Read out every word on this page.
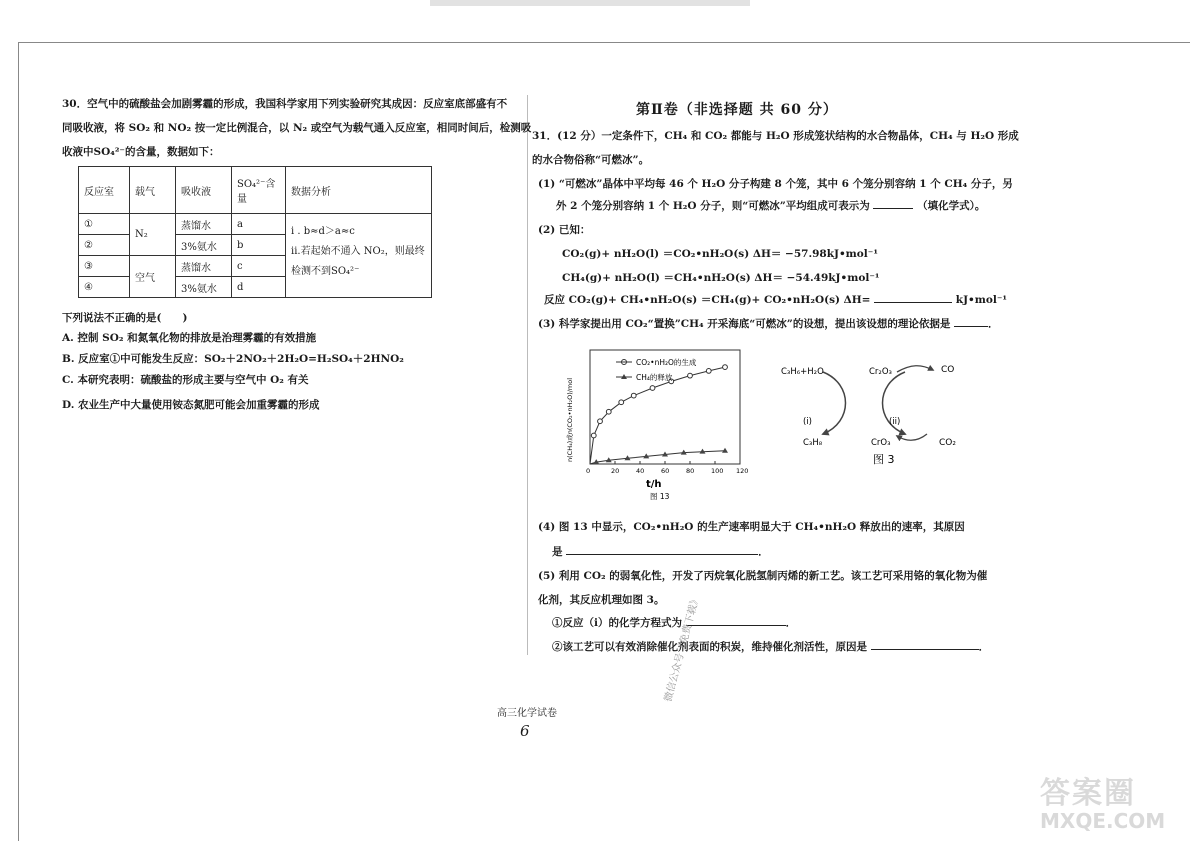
30．空气中的硫酸盐会加剧雾霾的形成，我国科学家用下列实验研究其成因：反应室底部盛有不
同吸收液，将 SO₂ 和 NO₂ 按一定比例混合，以 N₂ 或空气为载气通入反应室，相同时间后，检测吸
收液中SO₄²⁻的含量，数据如下：
反应室	载气	吸收液	SO₄²⁻含量	数据分析
①	N₂	蒸馏水	a	i . b≈d＞a≈c
ii.若起始不通入 NO₂，则最终
检测不到SO₄²⁻

②		3%氨水	b	
③	空气	蒸馏水	c	
④		3%氨水	d	
下列说法不正确的是(　　)
A. 控制 SO₂ 和氮氧化物的排放是治理雾霾的有效措施
B. 反应室①中可能发生反应：SO₂＋2NO₂＋2H₂O=H₂SO₄＋2HNO₂
C. 本研究表明：硫酸盐的形成主要与空气中 O₂ 有关
D. 农业生产中大量使用铵态氮肥可能会加重雾霾的形成
第Ⅱ卷（非选择题 共 60 分）
31．(12 分）一定条件下，CH₄ 和 CO₂ 都能与 H₂O 形成笼状结构的水合物晶体，CH₄ 与 H₂O 形成
的水合物俗称“可燃冰”。
(1) “可燃冰”晶体中平均每 46 个 H₂O 分子构建 8 个笼，其中 6 个笼分别容纳 1 个 CH₄ 分子，另
外 2 个笼分别容纳 1 个 H₂O 分子，则“可燃冰”平均组成可表示为	（填化学式）。
(2) 已知：
CO₂(g)+ nH₂O(l) ＝CO₂•nH₂O(s) ΔH＝ −57.98kJ•mol⁻¹
CH₄(g)+ nH₂O(l) ＝CH₄•nH₂O(s) ΔH＝ −54.49kJ•mol⁻¹
反应 CO₂(g)+ CH₄•nH₂O(s) ＝CH₄(g)+ CO₂•nH₂O(s) ΔH=	kJ•mol⁻¹
(3) 科学家提出用 CO₂“置换”CH₄ 开采海底“可燃冰”的设想，提出该设想的理论依据是	．
0	20	40	60	80	100 120
CO₂•nH₂O的生成
CH₄的释放
n(CH₄)或n(CO₂•nH₂O)/mol
t/h
图 13
C₃H₆+H₂O	Cr₂O₃	CO
(i)	(ii)
C₃H₈	CrO₃	CO₂
图 3
(4) 图 13 中显示，CO₂•nH₂O 的生产速率明显大于 CH₄•nH₂O 释放出的速率，其原因
是	．
(5) 利用 CO₂ 的弱氧化性，开发了丙烷氧化脱氢制丙烯的新工艺。该工艺可采用铬的氧化物为催
化剂，其反应机理如图 3。
①反应（i）的化学方程式为	．
②该工艺可以有效消除催化剂表面的积炭，维持催化剂活性，原因是	．
高三化学试卷
6
微信公众号《免费下载》
答案圈
MXQE.COM
